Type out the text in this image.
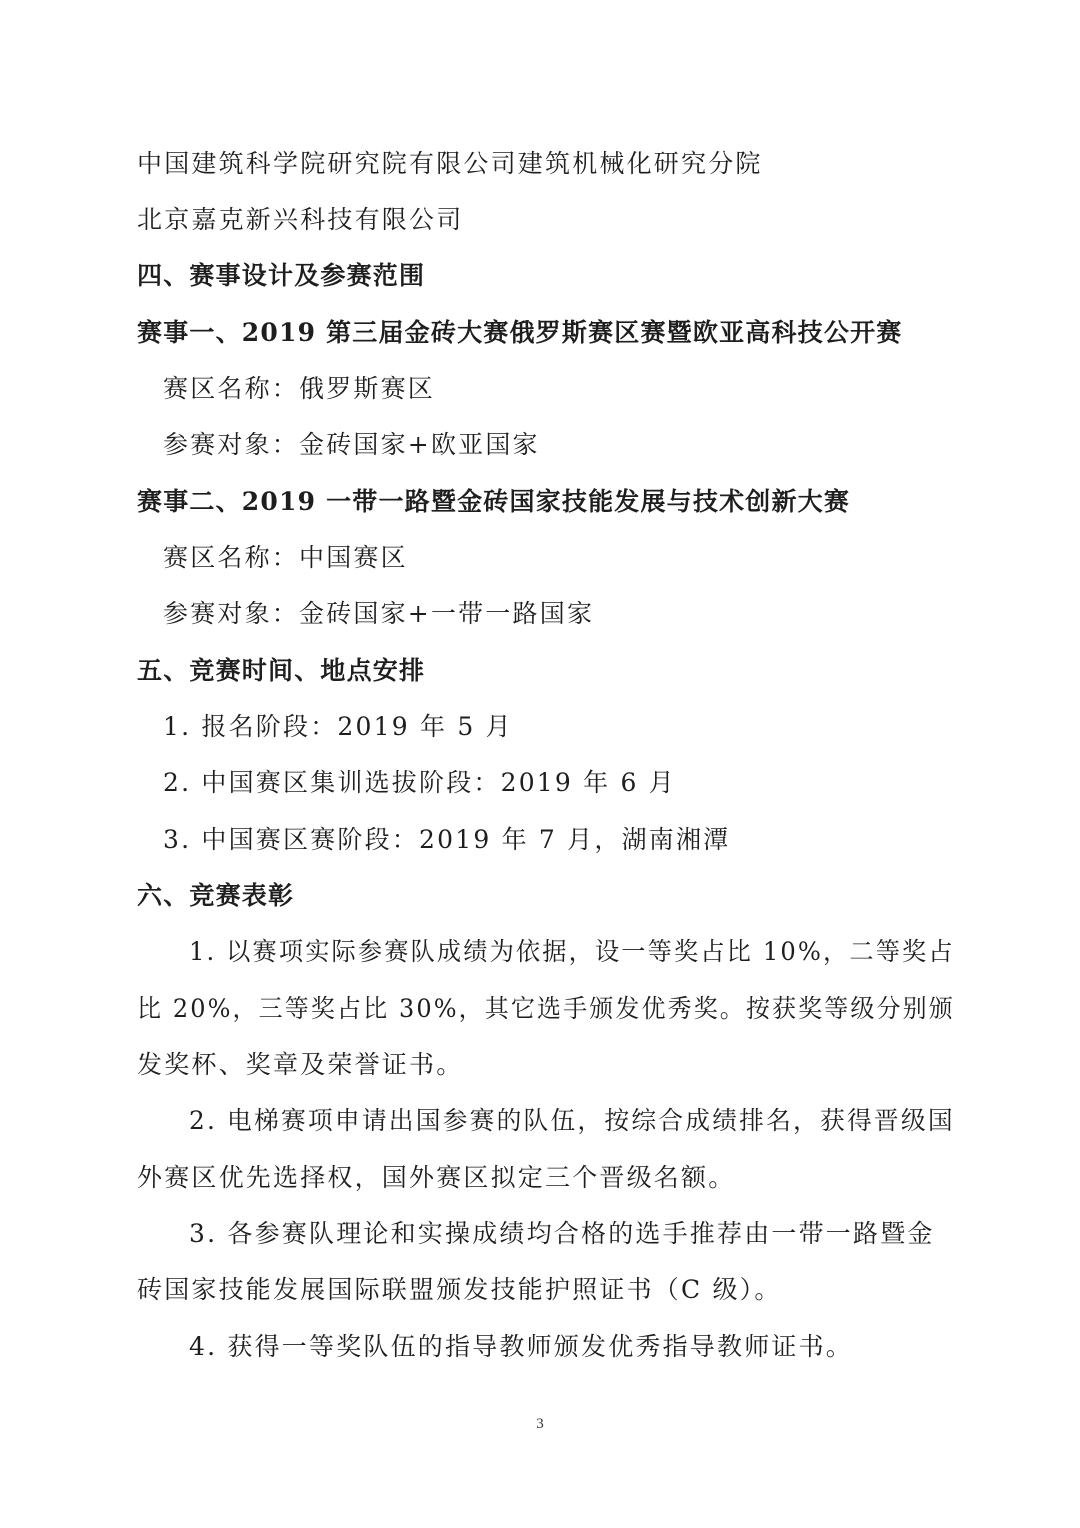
中国建筑科学院研究院有限公司建筑机械化研究分院
北京嘉克新兴科技有限公司
四、赛事设计及参赛范围
赛事一、2019 第三届金砖大赛俄罗斯赛区赛暨欧亚高科技公开赛
赛区名称：俄罗斯赛区
参赛对象：金砖国家+欧亚国家
赛事二、2019 一带一路暨金砖国家技能发展与技术创新大赛
赛区名称：中国赛区
参赛对象：金砖国家+一带一路国家
五、竞赛时间、地点安排
1. 报名阶段：2019 年 5 月
2. 中国赛区集训选拔阶段：2019 年 6 月
3. 中国赛区赛阶段：2019 年 7 月，湖南湘潭
六、竞赛表彰
1. 以赛项实际参赛队成绩为依据，设一等奖占比 10%，二等奖占
比 20%，三等奖占比 30%，其它选手颁发优秀奖。按获奖等级分别颁
发奖杯、奖章及荣誉证书。
2. 电梯赛项申请出国参赛的队伍，按综合成绩排名，获得晋级国
外赛区优先选择权，国外赛区拟定三个晋级名额。
3. 各参赛队理论和实操成绩均合格的选手推荐由一带一路暨金
砖国家技能发展国际联盟颁发技能护照证书（C 级）。
4. 获得一等奖队伍的指导教师颁发优秀指导教师证书。
3
